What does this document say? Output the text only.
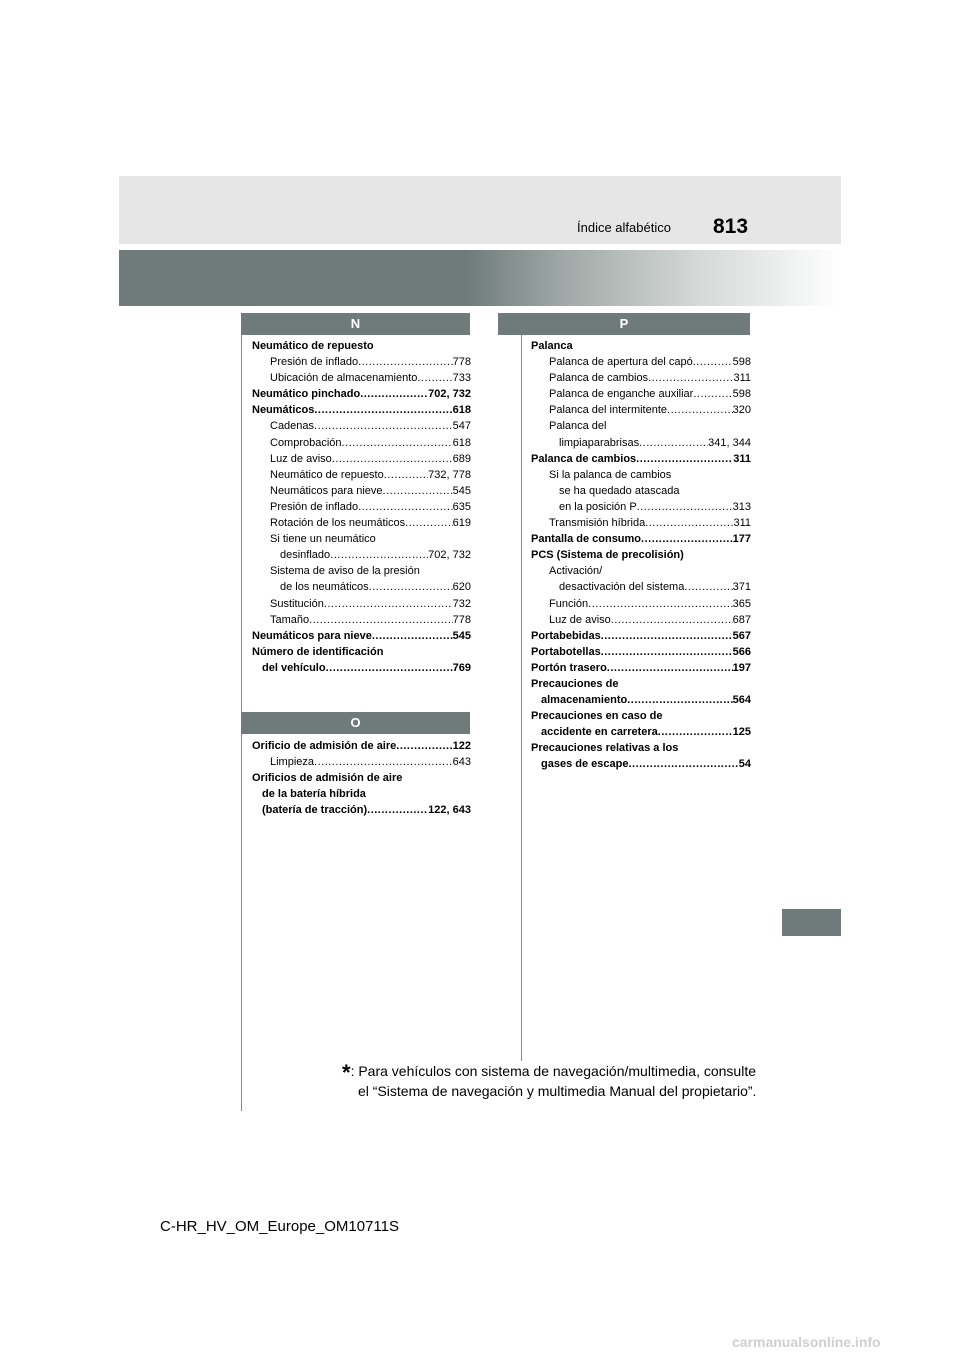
Índice alfabético 813
N	P
O
Neumático de repuesto
Presión de inflado .....	778
Ubicación de almacenamiento .....	733
Neumático pinchado .....	702, 732
Neumáticos .....	618
Cadenas .....	547
Comprobación .....	618
Luz de aviso .....	689
Neumático de repuesto .....	732, 778
Neumáticos para nieve .....	545
Presión de inflado .....	635
Rotación de los neumáticos .....	619
Si tiene un neumático
desinflado .....	702, 732
Sistema de aviso de la presión
de los neumáticos .....	620
Sustitución .....	732
Tamaño .....	778
Neumáticos para nieve .....	545
Número de identificación
del vehículo .....	769
Orificio de admisión de aire .....	122
Limpieza .....	643
Orificios de admisión de aire
de la batería híbrida
(batería de tracción) .....	122, 643
Palanca
Palanca de apertura del capó .....	598
Palanca de cambios .....	311
Palanca de enganche auxiliar .....	598
Palanca del intermitente .....	320
Palanca del
limpiaparabrisas .....	341, 344
Palanca de cambios .....	311
Si la palanca de cambios
se ha quedado atascada
en la posición P .....	313
Transmisión híbrida .....	311
Pantalla de consumo .....	177
PCS (Sistema de precolisión)
Activación/
desactivación del sistema .....	371
Función .....	365
Luz de aviso .....	687
Portabebidas .....	567
Portabotellas .....	566
Portón trasero .....	197
Precauciones de
almacenamiento .....	564
Precauciones en caso de
accidente en carretera .....	125
Precauciones relativas a los
gases de escape .....	54
*: Para vehículos con sistema de navegación/multimedia, consulte
el “Sistema de navegación y multimedia Manual del propietario”.
C-HR_HV_OM_Europe_OM10711S
carmanualsonline.info
